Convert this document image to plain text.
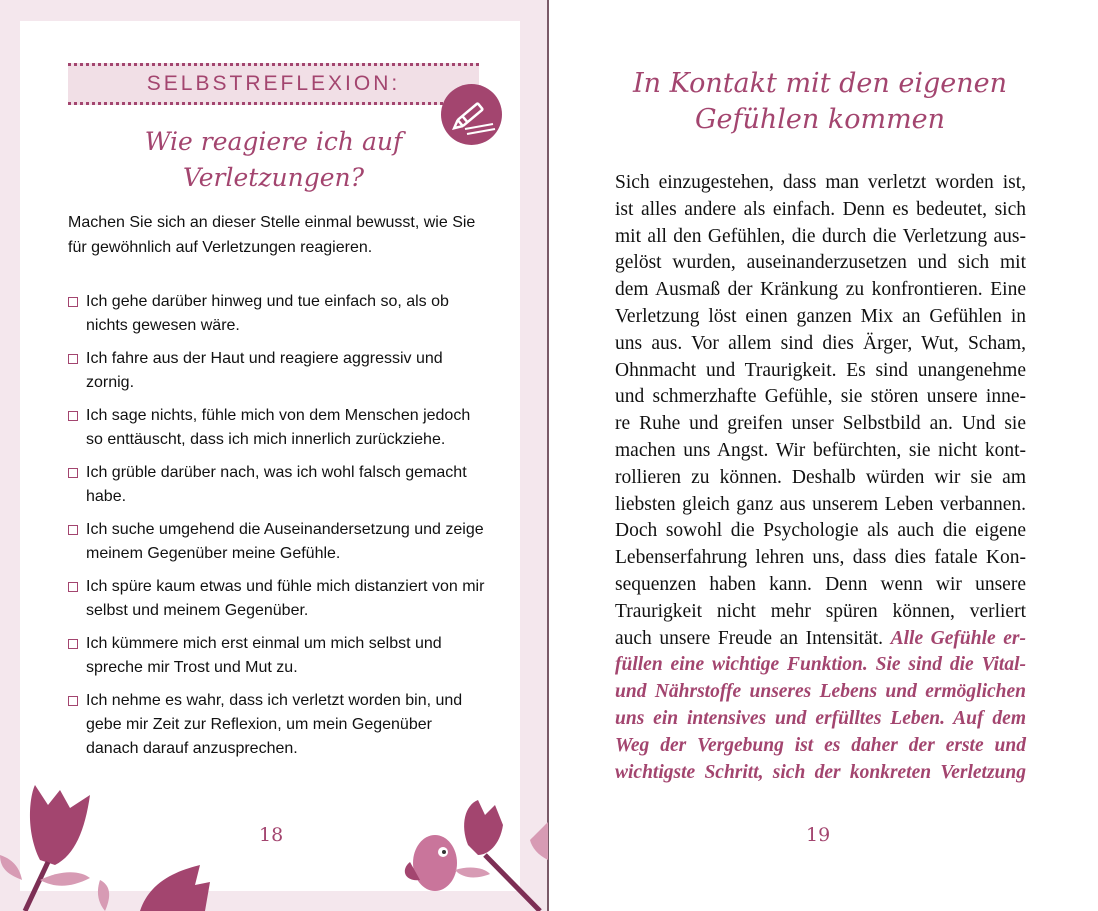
SELBSTREFLEXION:
Wie reagiere ich auf
Verletzungen?
Machen Sie sich an dieser Stelle einmal bewusst, wie Sie für gewöhnlich auf Verletzungen reagieren.
Ich gehe darüber hinweg und tue einfach so, als ob nichts gewesen wäre.
Ich fahre aus der Haut und reagiere aggressiv und zornig.
Ich sage nichts, fühle mich von dem Menschen jedoch so enttäuscht, dass ich mich innerlich zurückziehe.
Ich grüble darüber nach, was ich wohl falsch gemacht habe.
Ich suche umgehend die Auseinandersetzung und zeige meinem Gegenüber meine Gefühle.
Ich spüre kaum etwas und fühle mich distanziert von mir selbst und meinem Gegenüber.
Ich kümmere mich erst einmal um mich selbst und spreche mir Trost und Mut zu.
Ich nehme es wahr, dass ich verletzt worden bin, und gebe mir Zeit zur Reflexion, um mein Gegenüber danach darauf anzusprechen.
18
In Kontakt mit den eigenen
Gefühlen kommen
Sich einzugestehen, dass man verletzt worden ist,
ist alles andere als einfach. Denn es bedeutet, sich
mit all den Gefühlen, die durch die Verletzung aus-
gelöst wurden, auseinanderzusetzen und sich mit
dem Ausmaß der Kränkung zu konfrontieren. Eine
Verletzung löst einen ganzen Mix an Gefühlen in
uns aus. Vor allem sind dies Ärger, Wut, Scham,
Ohnmacht und Traurigkeit. Es sind unangenehme
und schmerzhafte Gefühle, sie stören unsere inne-
re Ruhe und greifen unser Selbstbild an. Und sie
machen uns Angst. Wir befürchten, sie nicht kont-
rollieren zu können. Deshalb würden wir sie am
liebsten gleich ganz aus unserem Leben verbannen.
Doch sowohl die Psychologie als auch die eigene
Lebenserfahrung lehren uns, dass dies fatale Kon-
sequenzen haben kann. Denn wenn wir unsere
Traurigkeit nicht mehr spüren können, verliert
auch unsere Freude an Intensität. Alle Gefühle er-
füllen eine wichtige Funktion. Sie sind die Vital-
und Nährstoffe unseres Lebens und ermöglichen
uns ein intensives und erfülltes Leben. Auf dem
Weg der Vergebung ist es daher der erste und
wichtigste Schritt, sich der konkreten Verletzung
19
